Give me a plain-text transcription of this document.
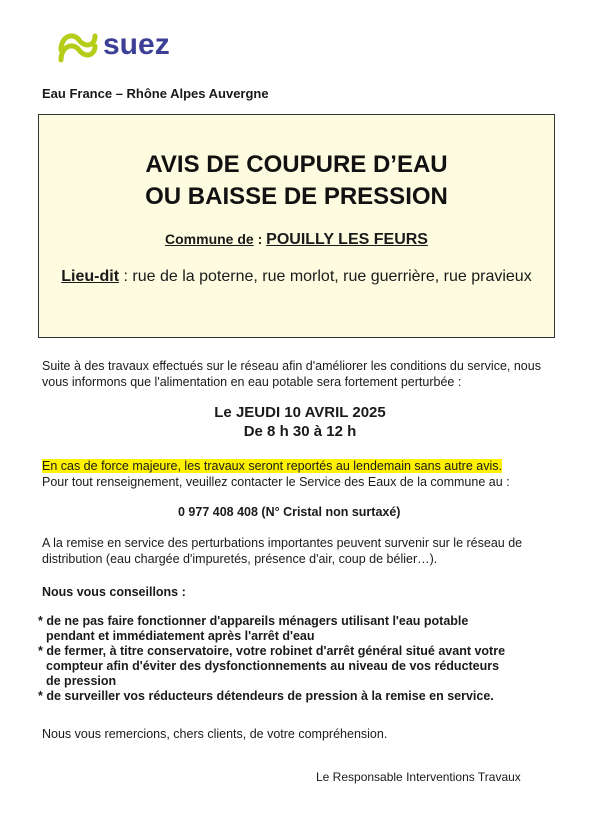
suez
Eau France – Rhône Alpes Auvergne
AVIS DE COUPURE D’EAU
OU BAISSE DE PRESSION
Commune de : POUILLY LES FEURS
Lieu-dit : rue de la poterne, rue morlot, rue guerrière, rue pravieux
Suite à des travaux effectués sur le réseau afin d'améliorer les conditions du service, nous vous informons que l'alimentation en eau potable sera fortement perturbée :
Le JEUDI 10 AVRIL 2025
De 8 h 30 à 12 h
En cas de force majeure, les travaux seront reportés au lendemain sans autre avis.
Pour tout renseignement, veuillez contacter le Service des Eaux de la commune au :
0 977 408 408 (N° Cristal non surtaxé)
A la remise en service des perturbations importantes peuvent survenir sur le réseau de distribution (eau chargée d'impuretés, présence d'air, coup de bélier…).
Nous vous conseillons :
* de ne pas faire fonctionner d'appareils ménagers utilisant l'eau potable
pendant et immédiatement après l'arrêt d'eau
* de fermer, à titre conservatoire, votre robinet d'arrêt général situé avant votre
compteur afin d'éviter des dysfonctionnements au niveau de vos réducteurs
de pression
* de surveiller vos réducteurs détendeurs de pression à la remise en service.
Nous vous remercions, chers clients, de votre compréhension.
Le Responsable Interventions Travaux
